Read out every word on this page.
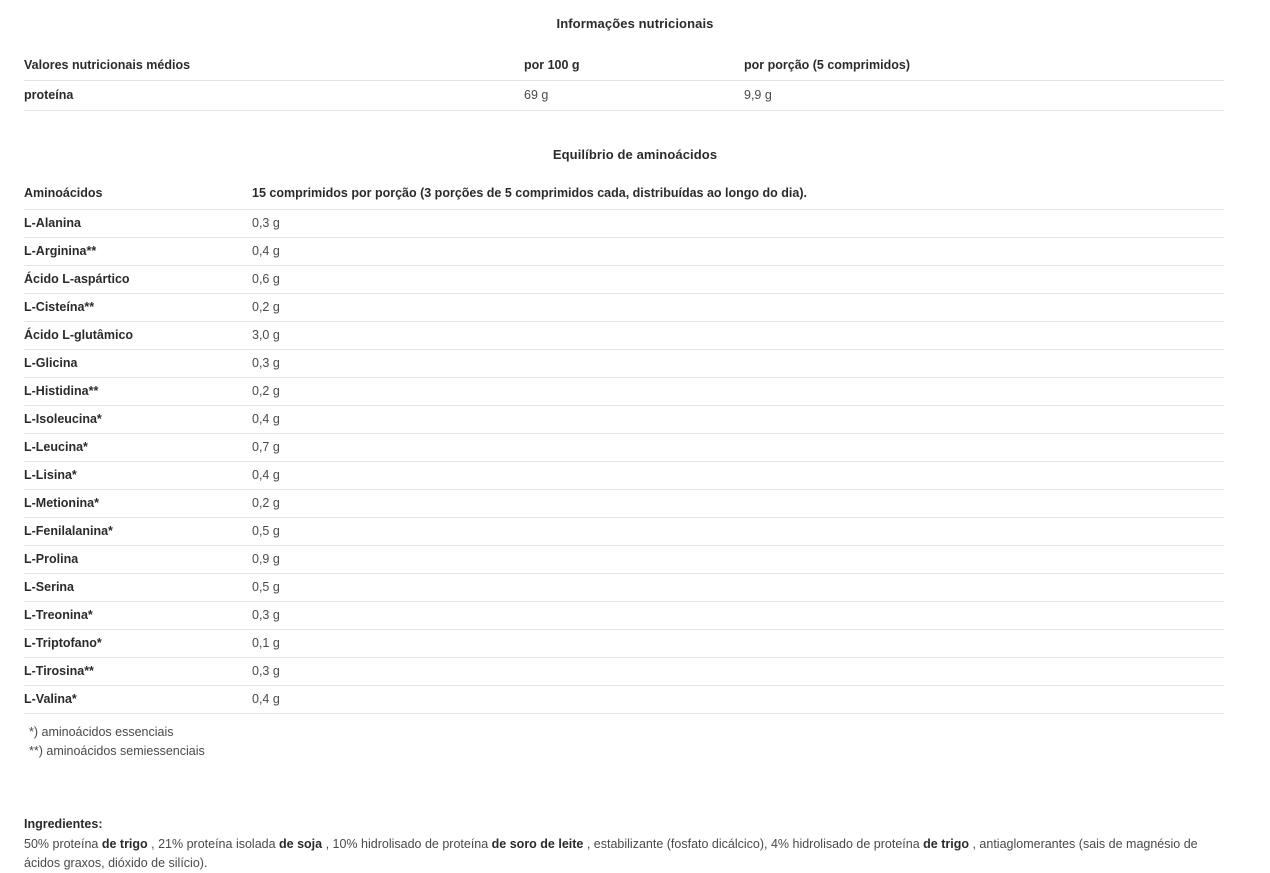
Informações nutricionais
Valores nutricionais médios	por 100 g	por porção (5 comprimidos)
proteína	69 g	9,9 g
Equilíbrio de aminoácidos
Aminoácidos	15 comprimidos por porção (3 porções de 5 comprimidos cada, distribuídas ao longo do dia).
L-Alanina	0,3 g
L-Arginina**	0,4 g
Ácido L-aspártico	0,6 g
L-Cisteína**	0,2 g
Ácido L-glutâmico	3,0 g
L-Glicina	0,3 g
L-Histidina**	0,2 g
L-Isoleucina*	0,4 g
L-Leucina*	0,7 g
L-Lisina*	0,4 g
L-Metionina*	0,2 g
L-Fenilalanina*	0,5 g
L-Prolina	0,9 g
L-Serina	0,5 g
L-Treonina*	0,3 g
L-Triptofano*	0,1 g
L-Tirosina**	0,3 g
L-Valina*	0,4 g
*) aminoácidos essenciais
**) aminoácidos semiessenciais
Ingredientes:
50% proteína de trigo , 21% proteína isolada de soja , 10% hidrolisado de proteína de soro de leite , estabilizante (fosfato dicálcico), 4% hidrolisado de proteína de trigo , antiaglomerantes (sais de magnésio de ácidos graxos, dióxido de silício).
